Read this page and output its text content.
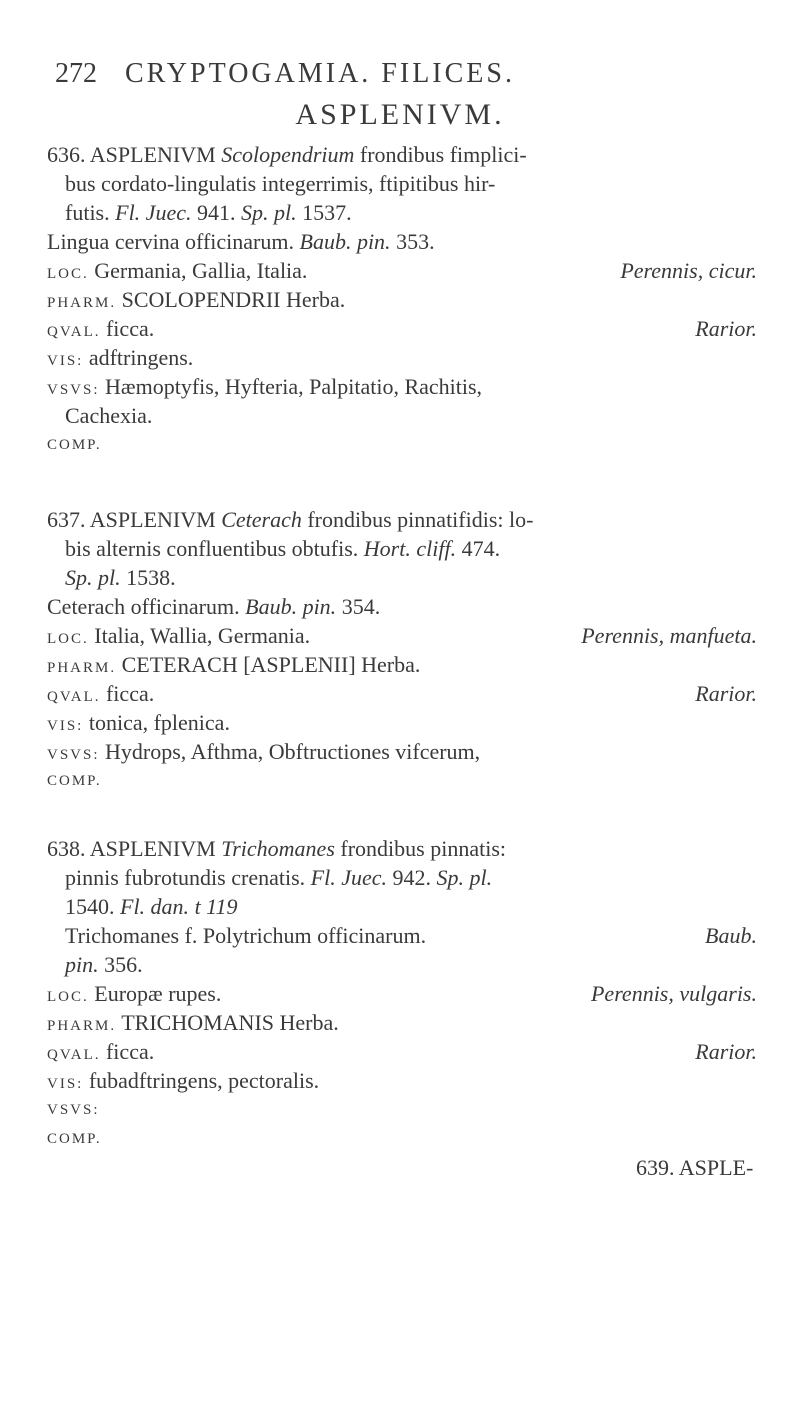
272 CRYPTOGAMIA. FILICES.
ASPLENIVM.
636. ASPLENIVM Scolopendrium frondibus fimplici-
bus cordato-lingulatis integerrimis, ftipitibus hir-
futis. Fl. Juec. 941. Sp. pl. 1537.
Lingua cervina officinarum. Baub. pin. 353.
LOC. Germania, Gallia, Italia.	Perennis, cicur.
PHARM. SCOLOPENDRII Herba.
QVAL. ficca.	Rarior.
VIS: adftringens.
VSVS: Hæmoptyfis, Hyfteria, Palpitatio, Rachitis,
Cachexia.
COMP.
637. ASPLENIVM Ceterach frondibus pinnatifidis: lo-
bis alternis confluentibus obtufis. Hort. cliff. 474.
Sp. pl. 1538.
Ceterach officinarum. Baub. pin. 354.
LOC. Italia, Wallia, Germania.	Perennis, manfueta.
PHARM. CETERACH [ASPLENII] Herba.
QVAL. ficca.	Rarior.
VIS: tonica, fplenica.
VSVS: Hydrops, Afthma, Obftructiones vifcerum,
COMP.
638. ASPLENIVM Trichomanes frondibus pinnatis:
pinnis fubrotundis crenatis. Fl. Juec. 942. Sp. pl.
1540. Fl. dan. t 119
Trichomanes f. Polytrichum officinarum.	Baub.
pin. 356.
LOC. Europæ rupes.	Perennis, vulgaris.
PHARM. TRICHOMANIS Herba.
QVAL. ficca.	Rarior.
VIS: fubadftringens, pectoralis.
VSVS:
COMP.
639. ASPLE-
